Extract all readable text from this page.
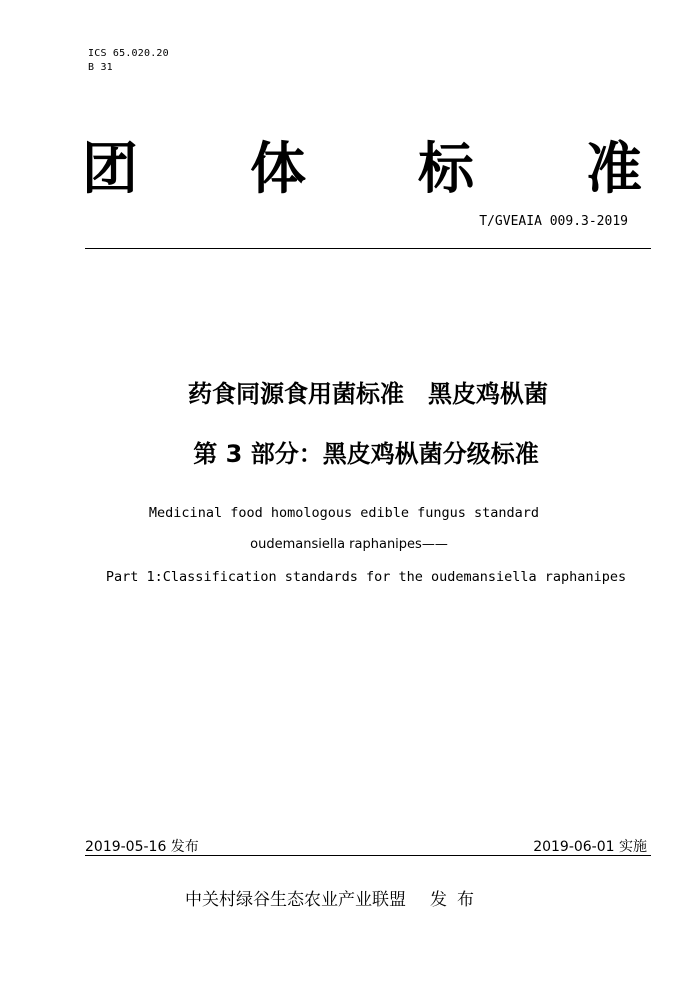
ICS 65.020.20
B 31
团 体 标 准
T/GVEAIA 009.3-2019
药食同源食用菌标准 黑皮鸡枞菌
第 3 部分：黑皮鸡枞菌分级标准
Medicinal food homologous edible fungus standard
oudemansiella raphanipes——
Part 1:Classification standards for the oudemansiella raphanipes
2019-05-16 发布	2019-06-01 实施
中关村绿谷生态农业产业联盟 发布
